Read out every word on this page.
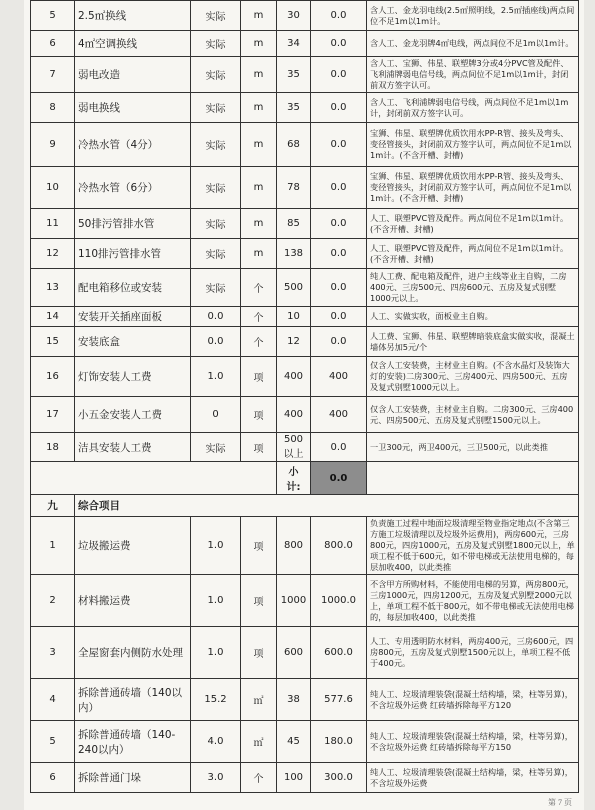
5	2.5㎡换线	实际	m	30	0.0	含人工、金龙羽电线(2.5㎡照明线，2.5㎡插座线)两点间位不足1m以1m计。
6	4㎡空调换线	实际	m	34	0.0	含人工、金龙羽牌4㎡电线，两点间位不足1m以1m计。
7	弱电改造	实际	m	35	0.0	含人工、宝狮、伟星、联塑牌3分或4分PVC管及配件、飞利浦牌弱电信号线，两点间位不足1m以1m计，封闭前双方签字认可。
8	弱电换线	实际	m	35	0.0	含人工、飞利浦牌弱电信号线，两点间位不足1m以1m计，封闭前双方签字认可。
9	冷热水管（4分）	实际	m	68	0.0	宝狮、伟星、联塑牌优质饮用水PP-R管、接头及弯头、变径管接头，封闭前双方签字认可，两点间位不足1m以1m计。(不含开槽、封槽)
10	冷热水管（6分）	实际	m	78	0.0	宝狮、伟星、联塑牌优质饮用水PP-R管、接头及弯头、变径管接头，封闭前双方签字认可，两点间位不足1m以1m计。(不含开槽、封槽)
11	50排污管排水管	实际	m	85	0.0	人工、联塑PVC管及配件。两点间位不足1m以1m计。(不含开槽、封槽)
12	110排污管排水管	实际	m	138	0.0	人工、联塑PVC管及配件，两点间位不足1m以1m计。(不含开槽、封槽)
13	配电箱移位或安装	实际	个	500	0.0	纯人工费、配电箱及配件，进户主线等业主自购，二房400元、三房500元、四房600元、五房及复式别墅1000元以上。
14	安装开关插座面板	0.0	个	10	0.0	人工、实做实收，面板业主自购。
15	安装底盒	0.0	个	12	0.0	人工费、宝狮、伟星、联塑牌暗装底盒实做实收，混凝土墙体另加5元/个
16	灯饰安装人工费	1.0	项	400	400	仅含人工安装费，主材业主自购。(不含水晶灯及装饰大灯的安装)二房300元、三房400元、四房500元、五房及复式别墅1000元以上。
17	小五金安装人工费	0	项	400	400	仅含人工安装费，主材业主自购。二房300元、三房400元、四房500元、五房及复式别墅1500元以上。
18	洁具安装人工费	实际	项	500以上	0.0	一卫300元，两卫400元，三卫500元，以此类推
				小 计:	0.0	
九	综合项目					
1	垃圾搬运费	1.0	项	800	800.0	负责施工过程中地面垃圾清理至物业指定地点(不含第三方施工垃圾清理以及垃圾外运费用)，两房600元，三房800元，四房1000元，五房及复式别墅1800元以上，单项工程不低于600元，如不带电梯或无法使用电梯的，每层加收400，以此类推
2	材料搬运费	1.0	项	1000	1000.0	不含甲方所购材料，不能使用电梯的另算，两房800元，三房1000元，四房1200元，五房及复式别墅2000元以上，单项工程不低于800元，如不带电梯或无法使用电梯的，每层加收400，以此类推
3	全屋窗套内侧防水处理	1.0	项	600	600.0	人工、专用透明防水材料，两房400元，三房600元，四房800元，五房及复式别墅1500元以上，单项工程不低于400元。
4	拆除普通砖墙（140以内）	15.2	㎡	38	577.6	纯人工、垃圾清理装袋(混凝土结构墙，梁，柱等另算)，不含垃圾外运费 红砖墙拆除每平方120
5	拆除普通砖墙（140-240以内）	4.0	㎡	45	180.0	纯人工、垃圾清理装袋(混凝土结构墙，梁，柱等另算)，不含垃圾外运费 红砖墙拆除每平方150
6	拆除普通门垛	3.0	个	100	300.0	纯人工、垃圾清理装袋(混凝土结构墙，梁，柱等另算)，不含垃圾外运费
第 7 页
